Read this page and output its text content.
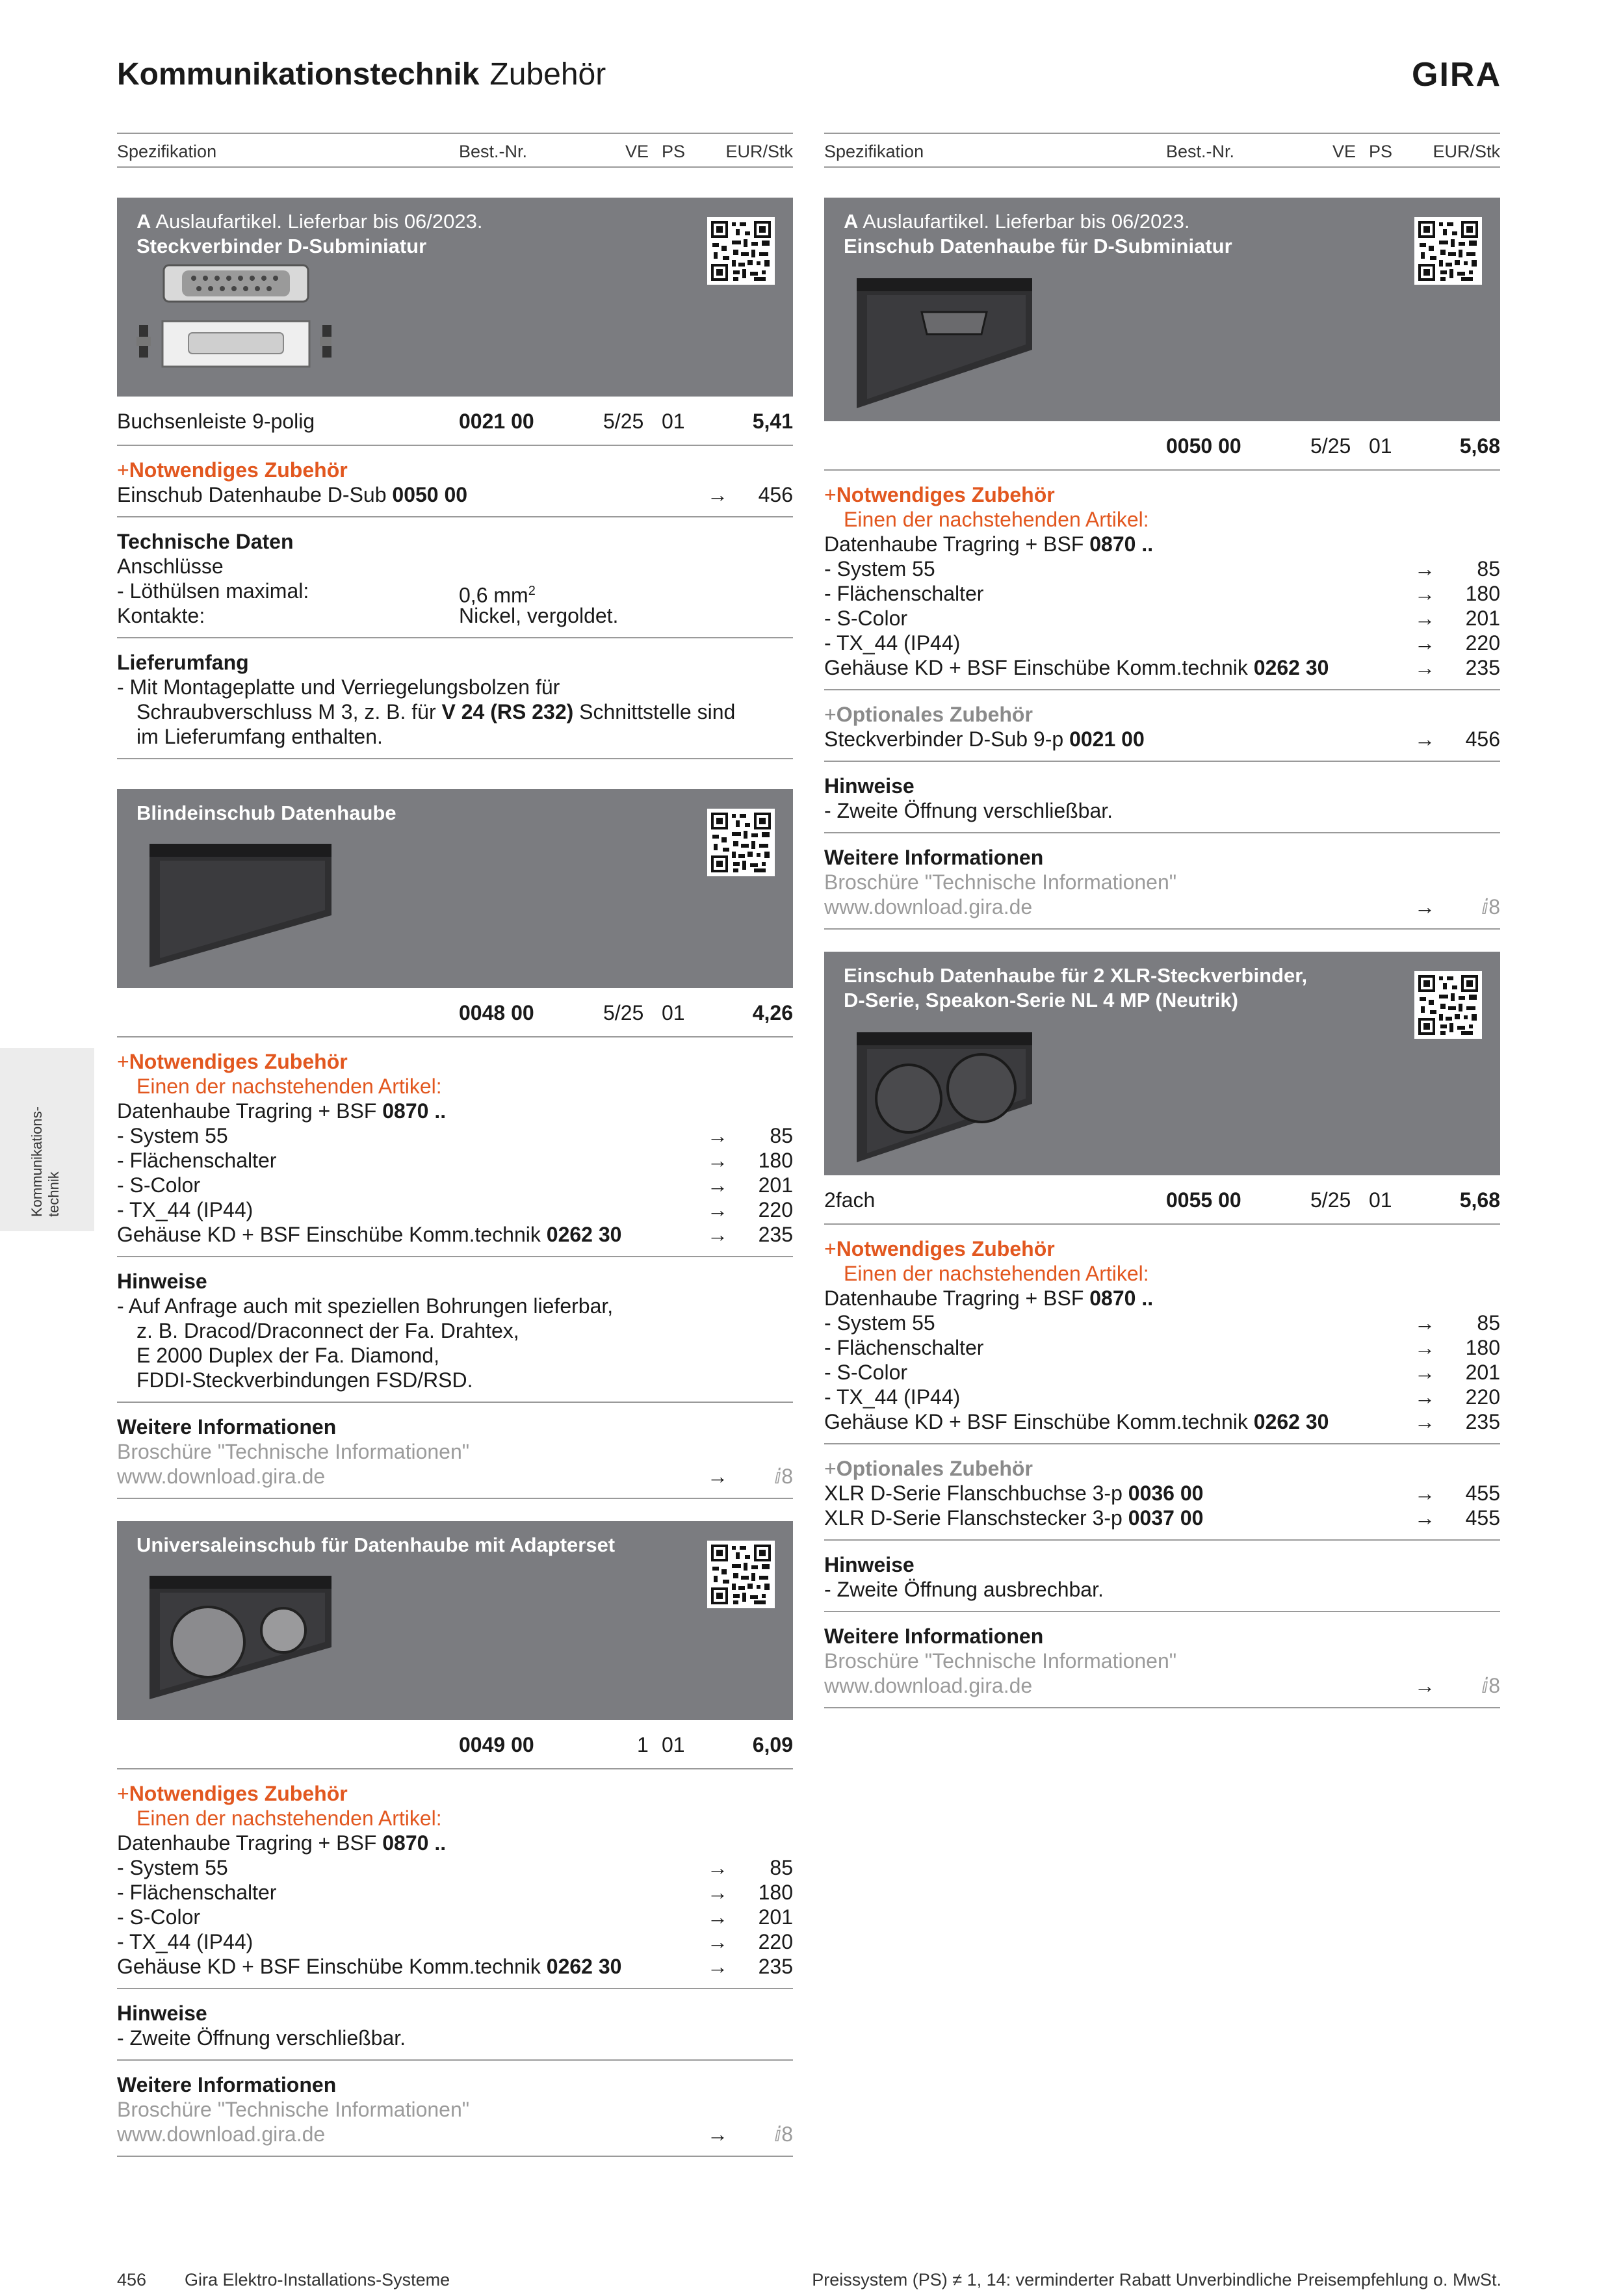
Kommunikationstechnik Zubehör	GIRA
Kommunikations-
technik
Spezifikation	Best.-Nr.	VE PS EUR/Stk
A Auslaufartikel. Lieferbar bis 06/2023.
Steckverbinder D-Subminiatur
Buchsenleiste 9-polig	0021 00	5/25 01	5,41
+Notwendiges Zubehör
Einschub Datenhaube D-Sub 0050 00	→ 456
Technische Daten
Anschlüsse
- Löthülsen maximal:	0,6 $mm^2$
Kontakte:	Nickel, vergoldet.
Lieferumfang
- Mit Montageplatte und Verriegelungsbolzen für
Schraubverschluss M 3, z. B. für V 24 (RS 232) Schnittstelle sind
im Lieferumfang enthalten.
Blindeinschub Datenhaube
0048 00	5/25 01	4,26
+Notwendiges Zubehör
Einen der nachstehenden Artikel:
Datenhaube Tragring + BSF 0870 ..
- System 55	→ 85
- Flächenschalter	→ 180
- S-Color	→ 201
- TX_44 (IP44)	→ 220
Gehäuse KD + BSF Einschübe Komm.technik 0262 30	→ 235
Hinweise
- Auf Anfrage auch mit speziellen Bohrungen lieferbar,
z. B. Dracod/Draconnect der Fa. Drahtex,
E 2000 Duplex der Fa. Diamond,
FDDI-Steckverbindungen FSD/RSD.
Weitere Informationen
Broschüre "Technische Informationen"
www.download.gira.de	→ ⅈ8
Universaleinschub für Datenhaube mit Adapterset
0049 00	1 01	6,09
+Notwendiges Zubehör
Einen der nachstehenden Artikel:
Datenhaube Tragring + BSF 0870 ..
- System 55	→ 85
- Flächenschalter	→ 180
- S-Color	→ 201
- TX_44 (IP44)	→ 220
Gehäuse KD + BSF Einschübe Komm.technik 0262 30	→ 235
Hinweise
- Zweite Öffnung verschließbar.
Weitere Informationen
Broschüre "Technische Informationen"
www.download.gira.de	→ ⅈ8
Spezifikation	Best.-Nr.	VE PS EUR/Stk
A Auslaufartikel. Lieferbar bis 06/2023.
Einschub Datenhaube für D-Subminiatur
0050 00	5/25 01	5,68
+Notwendiges Zubehör
Einen der nachstehenden Artikel:
Datenhaube Tragring + BSF 0870 ..
- System 55	→ 85
- Flächenschalter	→ 180
- S-Color	→ 201
- TX_44 (IP44)	→ 220
Gehäuse KD + BSF Einschübe Komm.technik 0262 30	→ 235
+Optionales Zubehör
Steckverbinder D-Sub 9-p 0021 00	→ 456
Hinweise
- Zweite Öffnung verschließbar.
Weitere Informationen
Broschüre "Technische Informationen"
www.download.gira.de	→ ⅈ8
Einschub Datenhaube für 2 XLR-Steckverbinder,
D-Serie, Speakon-Serie NL 4 MP (Neutrik)
2fach	0055 00	5/25 01	5,68
+Notwendiges Zubehör
Einen der nachstehenden Artikel:
Datenhaube Tragring + BSF 0870 ..
- System 55	→ 85
- Flächenschalter	→ 180
- S-Color	→ 201
- TX_44 (IP44)	→ 220
Gehäuse KD + BSF Einschübe Komm.technik 0262 30	→ 235
+Optionales Zubehör
XLR D-Serie Flanschbuchse 3-p 0036 00	→ 455
XLR D-Serie Flanschstecker 3-p 0037 00	→ 455
Hinweise
- Zweite Öffnung ausbrechbar.
Weitere Informationen
Broschüre "Technische Informationen"
www.download.gira.de	→ ⅈ8
456 Gira Elektro-Installations-Systeme	Preissystem (PS) ≠ 1, 14: verminderter Rabatt Unverbindliche Preisempfehlung o. MwSt.
